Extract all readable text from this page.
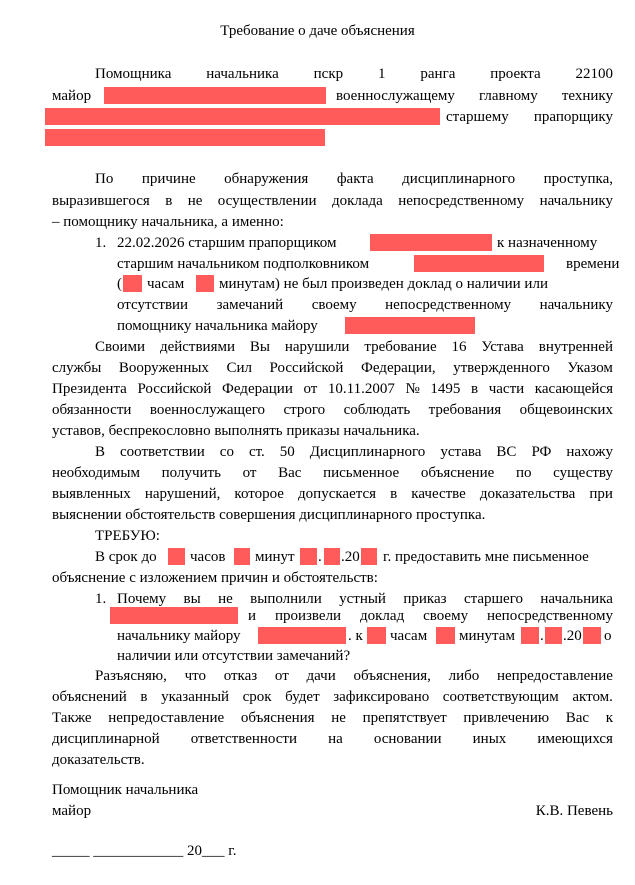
Требование о даче объяснения
Помощника начальника пскр 1 ранга проекта 22100
майор	военнослужащему главному технику
старшему прапорщику
По причине обнаружения факта дисциплинарного проступка,
выразившегося в не осуществлении доклада непосредственному начальнику
– помощнику начальника, а именно:
1. 22.02.2026 старшим прапорщиком	к назначенному
старшим начальником подполковником	времени
( часам минутам) не был произведен доклад о наличии или
отсутствии замечаний своему непосредственному начальнику
помощнику начальника майору
Своими действиями Вы нарушили требование 16 Устава внутренней
службы Вооруженных Сил Российской Федерации, утвержденного Указом
Президента Российской Федерации от 10.11.2007 № 1495 в части касающейся
обязанности военнослужащего строго соблюдать требования общевоинских
уставов, беспрекословно выполнять приказы начальника.
В соответствии со ст. 50 Дисциплинарного устава ВС РФ нахожу
необходимым получить от Вас письменное объяснение по существу
выявленных нарушений, которое допускается в качестве доказательства при
выяснении обстоятельств совершения дисциплинарного проступка.
ТРЕБУЮ:
В срок до часов минут . .20 г. предоставить мне письменное
объяснение с изложением причин и обстоятельств:
1. Почему вы не выполнили устный приказ старшего начальника
и произвели доклад своему непосредственному
начальнику майору	. к часам минутам . .20 о
наличии или отсутствии замечаний?
Разъясняю, что отказ от дачи объяснения, либо непредоставление
объяснений в указанный срок будет зафиксировано соответствующим актом.
Также непредоставление объяснения не препятствует привлечению Вас к
дисциплинарной ответственности на основании иных имеющихся
доказательств.
Помощник начальника
майор	К.В. Певень
_____ ____________ 20___ г.
